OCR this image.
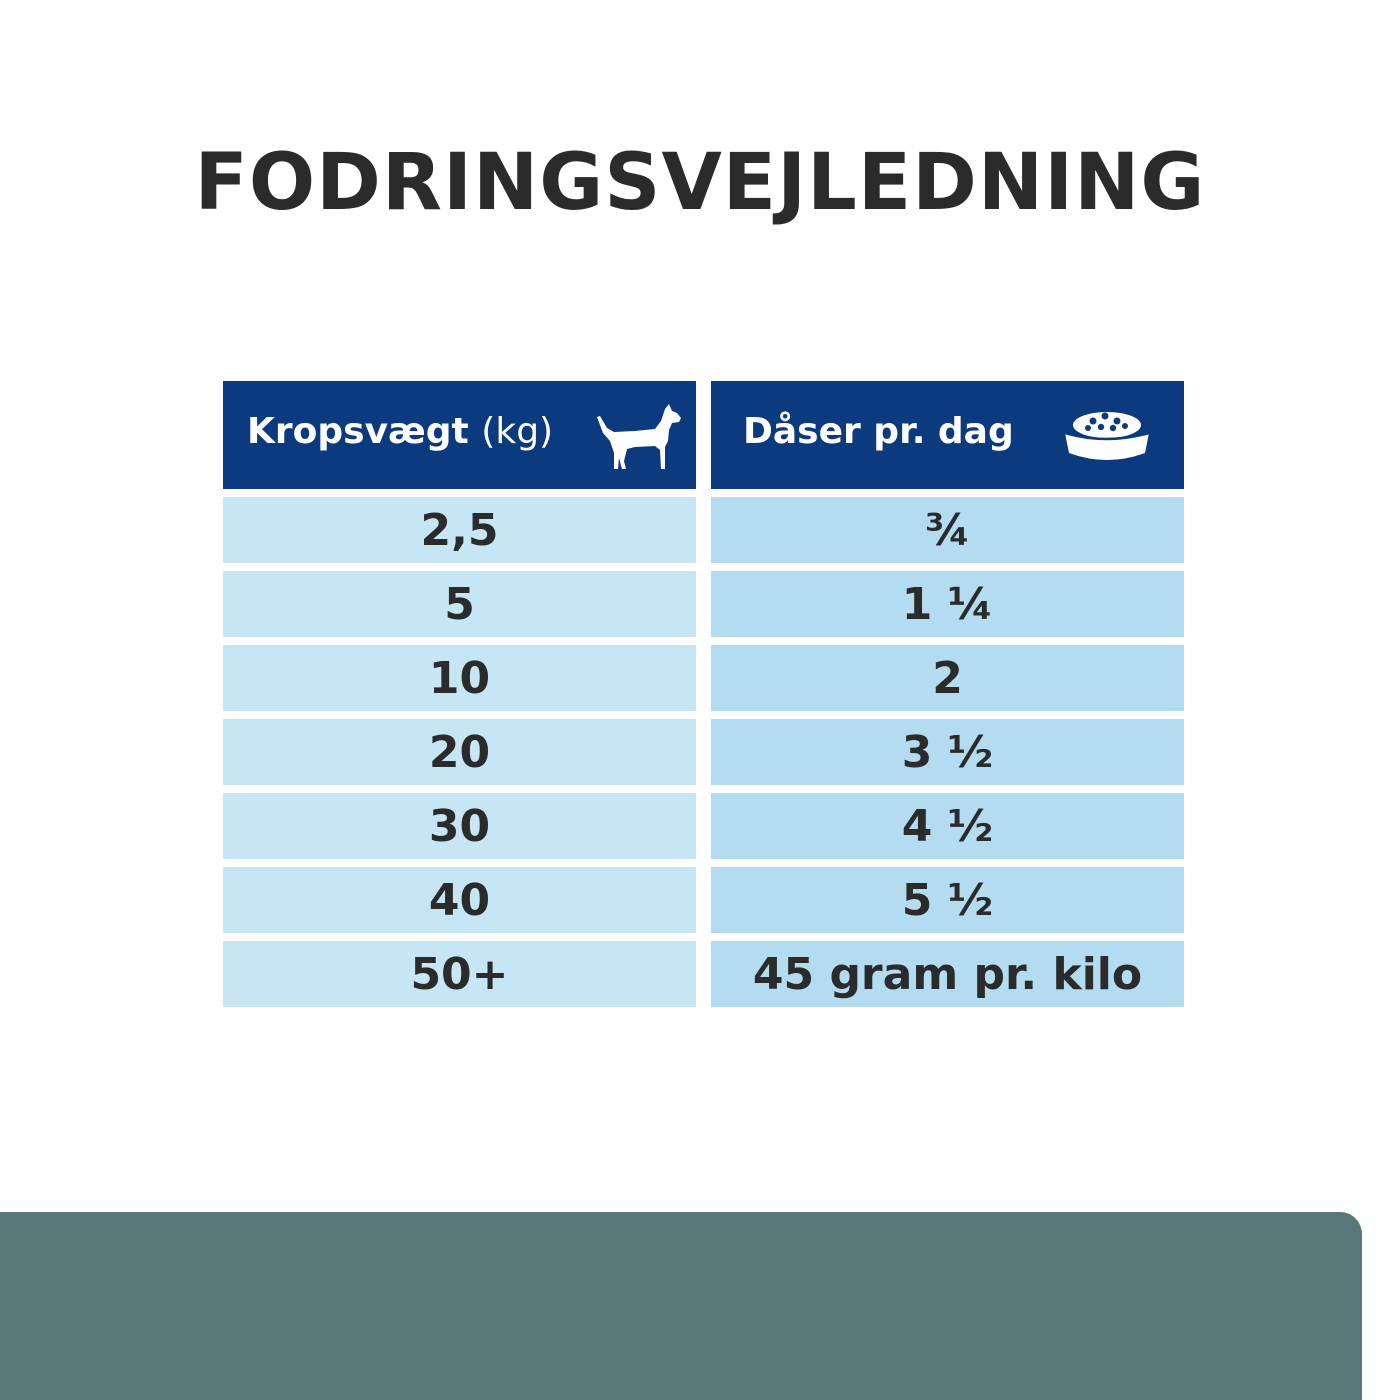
FODRINGSVEJLEDNING
Kropsvægt (kg)
2,5
5
10
20
30
40
50+
Dåser pr. dag
¾
1 ¼
2
3 ½
4 ½
5 ½
45 gram pr. kilo
